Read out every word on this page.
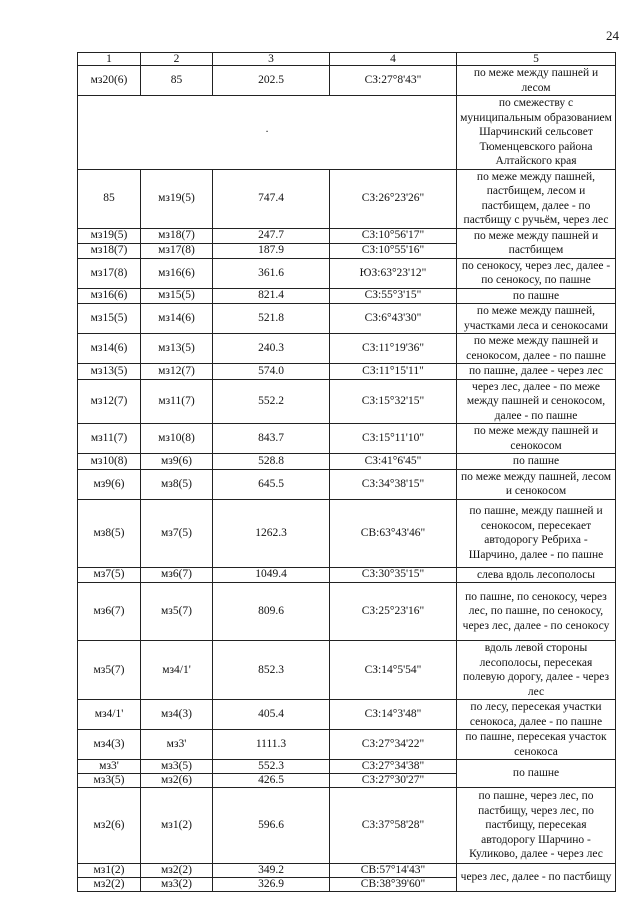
24
1	2	3	4	5
мз20(6)	85	202.5	СЗ:27°8'43"	по меже между пашней и лесом
·				по смежеству с муниципальным образованием Шарчинский сельсовет Тюменцевского района Алтайского края
85	мз19(5)	747.4	СЗ:26°23'26"	по меже между пашней, пастбищем, лесом и пастбищем, далее - по пастбищу с ручьём, через лес
мз19(5)	мз18(7)	247.7	СЗ:10°56'17"	по меже между пашней и пастбищем
мз18(7)	мз17(8)	187.9	СЗ:10°55'16"	
мз17(8)	мз16(6)	361.6	ЮЗ:63°23'12"	по сенокосу, через лес, далее - по сенокосу, по пашне
мз16(6)	мз15(5)	821.4	СЗ:55°3'15"	по пашне
мз15(5)	мз14(6)	521.8	СЗ:6°43'30"	по меже между пашней, участками леса и сенокосами
мз14(6)	мз13(5)	240.3	СЗ:11°19'36"	по меже между пашней и сенокосом, далее - по пашне
мз13(5)	мз12(7)	574.0	СЗ:11°15'11"	по пашне, далее - через лес
мз12(7)	мз11(7)	552.2	СЗ:15°32'15"	через лес, далее - по меже между пашней и сенокосом, далее - по пашне
мз11(7)	мз10(8)	843.7	СЗ:15°11'10"	по меже между пашней и сенокосом
мз10(8)	мз9(6)	528.8	СЗ:41°6'45"	по пашне
мз9(6)	мз8(5)	645.5	СЗ:34°38'15"	по меже между пашней, лесом и сенокосом
мз8(5)	мз7(5)	1262.3	СВ:63°43'46"	по пашне, между пашней и сенокосом, пересекает автодорогу Ребриха - Шарчино, далее - по пашне
мз7(5)	мз6(7)	1049.4	СЗ:30°35'15"	слева вдоль лесополосы
мз6(7)	мз5(7)	809.6	СЗ:25°23'16"	по пашне, по сенокосу, через лес, по пашне, по сенокосу, через лес, далее - по сенокосу
мз5(7)	мз4/1'	852.3	СЗ:14°5'54"	вдоль левой стороны лесополосы, пересекая полевую дорогу, далее - через лес
мз4/1'	мз4(3)	405.4	СЗ:14°3'48"	по лесу, пересекая участки сенокоса, далее - по пашне
мз4(3)	мз3'	1111.3	СЗ:27°34'22"	по пашне, пересекая участок сенокоса
мз3'	мз3(5)	552.3	СЗ:27°34'38"	по пашне
мз3(5)	мз2(6)	426.5	СЗ:27°30'27"	
мз2(6)	мз1(2)	596.6	СЗ:37°58'28"	по пашне, через лес, по пастбищу, через лес, по пастбищу, пересекая автодорогу Шарчино - Куликово, далее - через лес
мз1(2)	мз2(2)	349.2	СВ:57°14'43"	через лес, далее - по пастбищу
мз2(2)	мз3(2)	326.9	СВ:38°39'60"	
